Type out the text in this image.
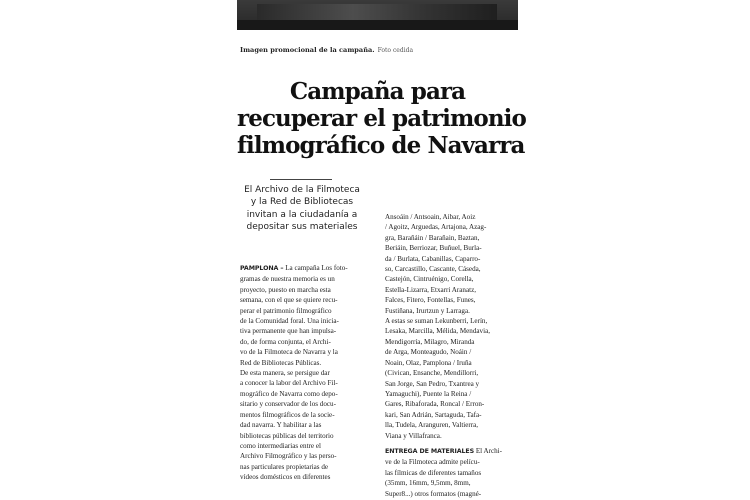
Imagen promocional de la campaña. Foto cedida
Campaña para
recuperar el patrimonio
filmográfico de Navarra
El Archivo de la Filmoteca
y la Red de Bibliotecas
invitan a la ciudadanía a
depositar sus materiales
PAMPLONA – La campaña Los foto-
gramas de nuestra memoria es un
proyecto, puesto en marcha esta
semana, con el que se quiere recu-
perar el patrimonio filmográfico
de la Comunidad foral. Una inicia-
tiva permanente que han impulsa-
do, de forma conjunta, el Archi-
vo de la Filmoteca de Navarra y la
Red de Bibliotecas Públicas.
De esta manera, se persigue dar
a conocer la labor del Archivo Fil-
mográfico de Navarra como depo-
sitario y conservador de los docu-
mentos filmográficos de la socie-
dad navarra. Y habilitar a las
bibliotecas públicas del territorio
como intermediarias entre el
Archivo Filmográfico y las perso-
nas particulares propietarias de
vídeos domésticos en diferentes
Ansoáin / Antsoain, Aibar, Aoiz
/ Agoitz, Arguedas, Artajona, Azag-
gra, Barañáin / Barañain, Baztan,
Beriáin, Berriozar, Buñuel, Burla-
da / Burlata, Cabanillas, Caparro-
so, Carcastillo, Cascante, Cáseda,
Castejón, Cintruénigo, Corella,
Estella-Lizarra, Etxarri Aranatz,
Falces, Fitero, Fontellas, Funes,
Fustiñana, Irurtzun y Larraga.
A estas se suman Lekunberri, Lerín,
Lesaka, Marcilla, Mélida, Mendavia,
Mendigorría, Milagro, Miranda
de Arga, Monteagudo, Noáin /
Noain, Olaz, Pamplona / Iruña
(Civican, Ensanche, Mendillorri,
San Jorge, San Pedro, Txantrea y
Yamaguchi), Puente la Reina /
Gares, Ribaforada, Roncal / Erron-
kari, San Adrián, Sartaguda, Tafa-
lla, Tudela, Aranguren, Valtierra,
Viana y Villafranca.
ENTREGA DE MATERIALES El Archi-
ve de la Filmoteca admite pelícu-
las fílmicas de diferentes tamaños
(35mm, 16mm, 9,5mm, 8mm,
Super8...) otros formatos (magné-
